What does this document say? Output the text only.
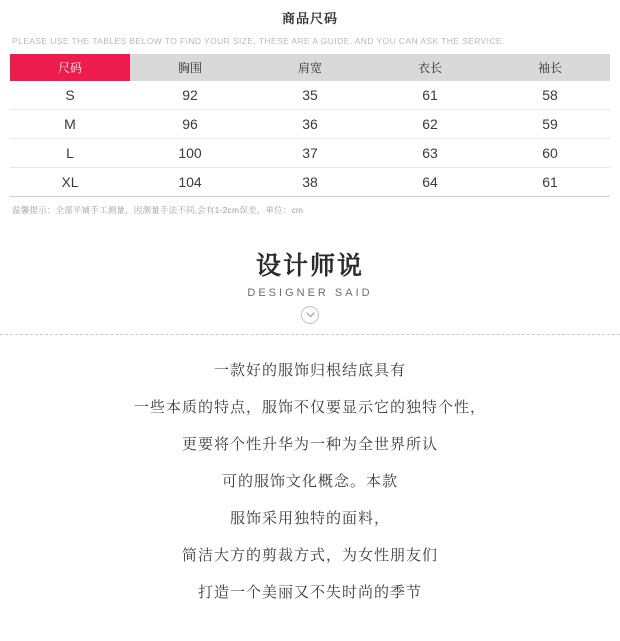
商品尺码
PLEASE USE THE TABLES BELOW TO FIND YOUR SIZE, THESE ARE A GUIDE, AND YOU CAN ASK THE SERVICE.
尺码	胸围	肩宽	衣长	袖长
S	92	35	61	58
M	96	36	62	59
L	100	37	63	60
XL	104	38	64	61
温馨提示：全部平铺手工测量，因测量手法不同,会有1-2cm误差。单位：cm
设计师说
DESIGNER SAID

一款好的服饰归根结底具有

一些本质的特点，服饰不仅要显示它的独特个性，

更要将个性升华为一种为全世界所认

可的服饰文化概念。本款

服饰采用独特的面料，

简洁大方的剪裁方式，为女性朋友们

打造一个美丽又不失时尚的季节
